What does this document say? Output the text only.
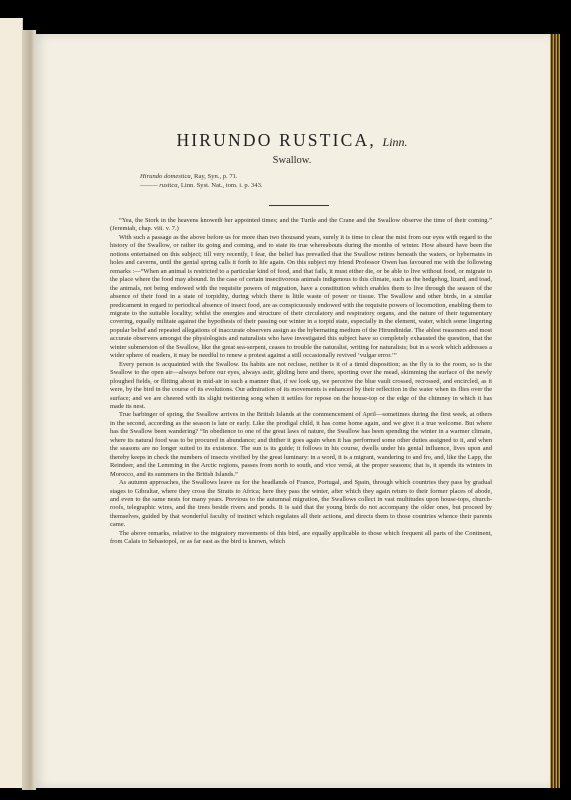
HIRUNDO RUSTICA, Linn.
Swallow.
Hirundo domestica, Ray, Syn., p. 71.
——— rustica, Linn. Syst. Nat., tom. i. p. 343.

“Yea, the Stork in the heavens knoweth her appointed times; and the Turtle and the Crane and the Swallow observe the time of their coming.” (Jeremiah, chap. viii. v. 7.)

With such a passage as the above before us for more than two thousand years, surely it is time to clear the mist from our eyes with regard to the history of the Swallow, or rather its going and coming, and to state its true whereabouts during the months of winter. How absurd have been the notions entertained on this subject; till very recently, I fear, the belief has prevailed that the Swallow retires beneath the waters, or hybernates in holes and caverns, until the genial spring calls it forth to life again. On this subject my friend Professor Owen has favoured me with the following remarks :—“When an animal is restricted to a particular kind of food, and that fails, it must either die, or be able to live without food, or migrate to the place where the food may abound. In the case of certain insectivorous animals indigenous to this climate, such as the hedgehog, lizard, and toad, the animals, not being endowed with the requisite powers of migration, have a constitution which enables them to live through the season of the absence of their food in a state of torpidity, during which there is little waste of power or tissue. The Swallow and other birds, in a similar predicament in regard to periodical absence of insect food, are as conspicuously endowed with the requisite powers of locomotion, enabling them to migrate to the suitable locality; whilst the energies and structure of their circulatory and respiratory organs, and the nature of their tegumentary covering, equally militate against the hypothesis of their passing our winter in a torpid state, especially in the element, water, which some lingering popular belief and repeated allegations of inaccurate observers assign as the hybernating medium of the Hirundinidæ. The ablest reasoners and most accurate observers amongst the physiologists and naturalists who have investigated this subject have so completely exhausted the question, that the winter submersion of the Swallow, like the great sea-serpent, ceases to trouble the naturalist, writing for naturalists; but in a work which addresses a wider sphere of readers, it may be needful to renew a protest against a still occasionally revived ‘vulgar error.’”

Every person is acquainted with the Swallow. Its habits are not recluse, neither is it of a timid disposition; as the fly is to the room, so is the Swallow to the open air—always before our eyes, always astir, gliding here and there, sporting over the mead, skimming the surface of the newly ploughed fields, or flitting about in mid-air in such a manner that, if we look up, we perceive the blue vault crossed, recrossed, and encircled, as it were, by the bird in the course of its evolutions. Our admiration of its movements is enhanced by their reflection in the water when its flies over the surface; and we are cheered with its slight twittering song when it settles for repose on the house-top or the edge of the chimney in which it has made its nest.

True harbinger of spring, the Swallow arrives in the British Islands at the commencement of April—sometimes during the first week, at others in the second, according as the season is late or early. Like the prodigal child, it has come home again, and we give it a true welcome. But where has the Swallow been wandering? “In obedience to one of the great laws of nature, the Swallow has been spending the winter in a warmer climate, where its natural food was to be procured in abundance; and thither it goes again when it has performed some other duties assigned to it, and when the seasons are no longer suited to its existence. The sun is its guide; it follows in his course, dwells under his genial influence, lives upon and thereby keeps in check the numbers of insects vivified by the great luminary: in a word, it is a migrant, wandering to and fro, and, like the Lapp, the Reindeer, and the Lemming in the Arctic regions, passes from north to south, and vice versâ, at the proper seasons; that is, it spends its winters in Morocco, and its summers in the British Islands.”

As autumn approaches, the Swallows leave us for the headlands of France, Portugal, and Spain, through which countries they pass by gradual stages to Gibraltar, where they cross the Straits to Africa; here they pass the winter, after which they again return to their former places of abode, and even to the same nests for many years. Previous to the autumnal migration, the Swallows collect in vast multitudes upon house-tops, church-roofs, telegraphic wires, and the trees beside rivers and ponds. It is said that the young birds do not accompany the older ones, but proceed by themselves, guided by that wonderful faculty of instinct which regulates all their actions, and directs them to those countries whence their parents came.

The above remarks, relative to the migratory movements of this bird, are equally applicable to those which frequent all parts of the Continent, from Calais to Sebastopol, or as far east as the bird is known, which
